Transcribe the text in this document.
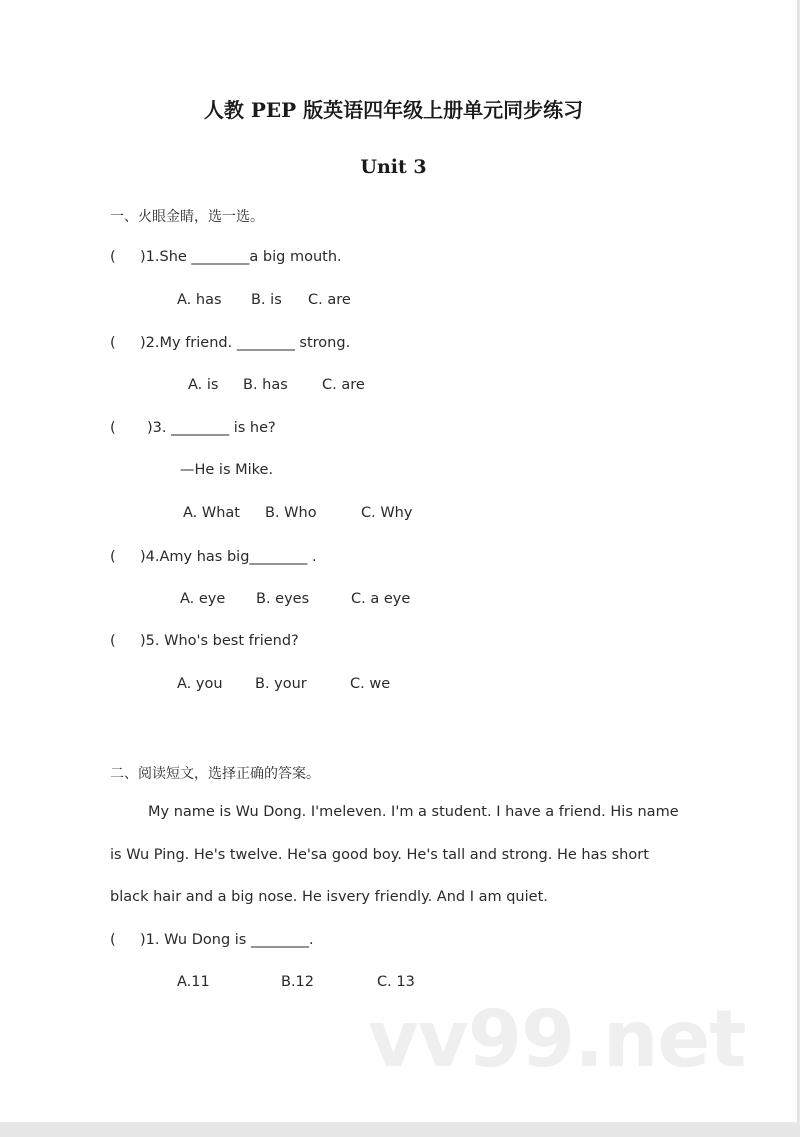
人教 PEP 版英语四年级上册单元同步练习
Unit 3
一、火眼金睛，选一选。
( )1.She ________a big mouth.
A. has B. is C. are
( )2.My friend. ________ strong.
A. is B. has C. are
( )3. ________ is he?
—He is Mike.
A. What B. Who	C. Why
( )4.Amy has big________ .
A. eye B. eyes	C. a eye
( )5. Who's best friend?
A. you B. your	C. we
二、阅读短文，选择正确的答案。
My name is Wu Dong. I'meleven. I'm a student. I have a friend. His name
is Wu Ping. He's twelve. He'sa good boy. He's tall and strong. He has short
black hair and a big nose. He isvery friendly. And I am quiet.
( )1. Wu Dong is ________.
A.11	B.12	C. 13
vv99.net
